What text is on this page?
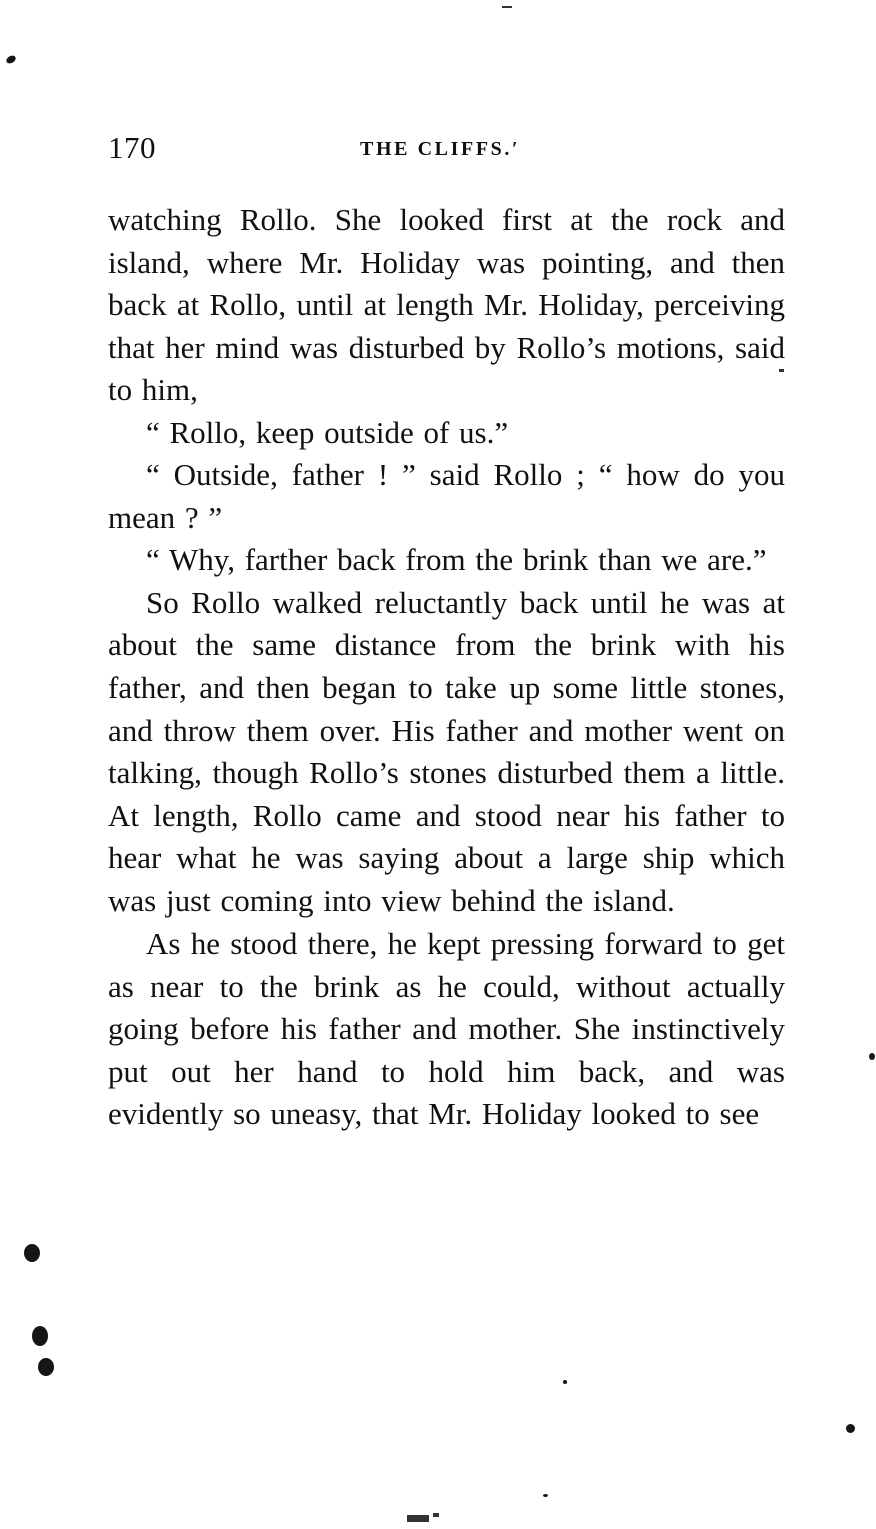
170	THE CLIFFS.′

watching Rollo. She looked first at the rock and island, where Mr. Holiday was pointing, and then back at Rollo, until at length Mr. Holiday, perceiving that her mind was disturbed by Rollo’s motions, said to him,

“ Rollo, keep outside of us.”

“ Outside, father ! ” said Rollo ; “ how do you mean ? ”

“ Why, farther back from the brink than we are.”

So Rollo walked reluctantly back until he was at about the same distance from the brink with his father, and then began to take up some little stones, and throw them over. His father and mother went on talking, though Rollo’s stones disturbed them a little. At length, Rollo came and stood near his father to hear what he was saying about a large ship which was just coming into view behind the island.

As he stood there, he kept pressing forward to get as near to the brink as he could, without actually going before his father and mother. She instinctively put out her hand to hold him back, and was evidently so uneasy, that Mr. Holiday looked to see
